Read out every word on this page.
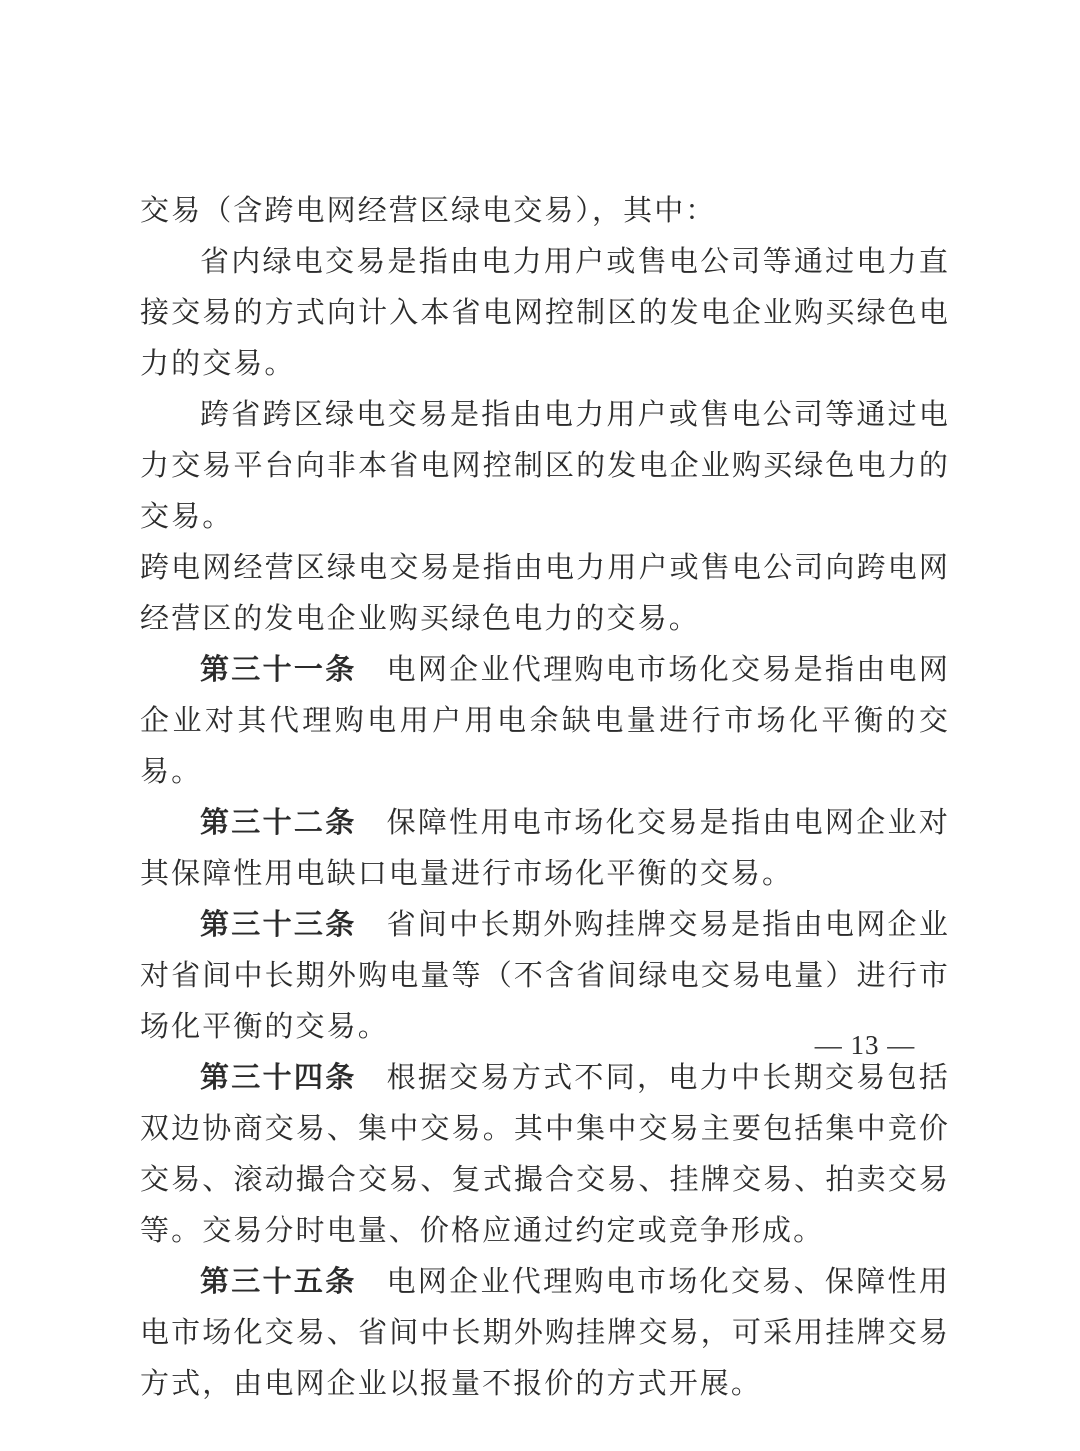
交易（含跨电网经营区绿电交易），其中：

省内绿电交易是指由电力用户或售电公司等通过电力直接交易的方式向计入本省电网控制区的发电企业购买绿色电力的交易。

跨省跨区绿电交易是指由电力用户或售电公司等通过电力交易平台向非本省电网控制区的发电企业购买绿色电力的交易。

跨电网经营区绿电交易是指由电力用户或售电公司向跨电网经营区的发电企业购买绿色电力的交易。

第三十一条 电网企业代理购电市场化交易是指由电网企业对其代理购电用户用电余缺电量进行市场化平衡的交易。

第三十二条 保障性用电市场化交易是指由电网企业对其保障性用电缺口电量进行市场化平衡的交易。

第三十三条 省间中长期外购挂牌交易是指由电网企业对省间中长期外购电量等（不含省间绿电交易电量）进行市场化平衡的交易。

第三十四条 根据交易方式不同，电力中长期交易包括双边协商交易、集中交易。其中集中交易主要包括集中竞价交易、滚动撮合交易、复式撮合交易、挂牌交易、拍卖交易等。交易分时电量、价格应通过约定或竞争形成。

第三十五条 电网企业代理购电市场化交易、保障性用电市场化交易、省间中长期外购挂牌交易，可采用挂牌交易方式，由电网企业以报量不报价的方式开展。

— 13 —
